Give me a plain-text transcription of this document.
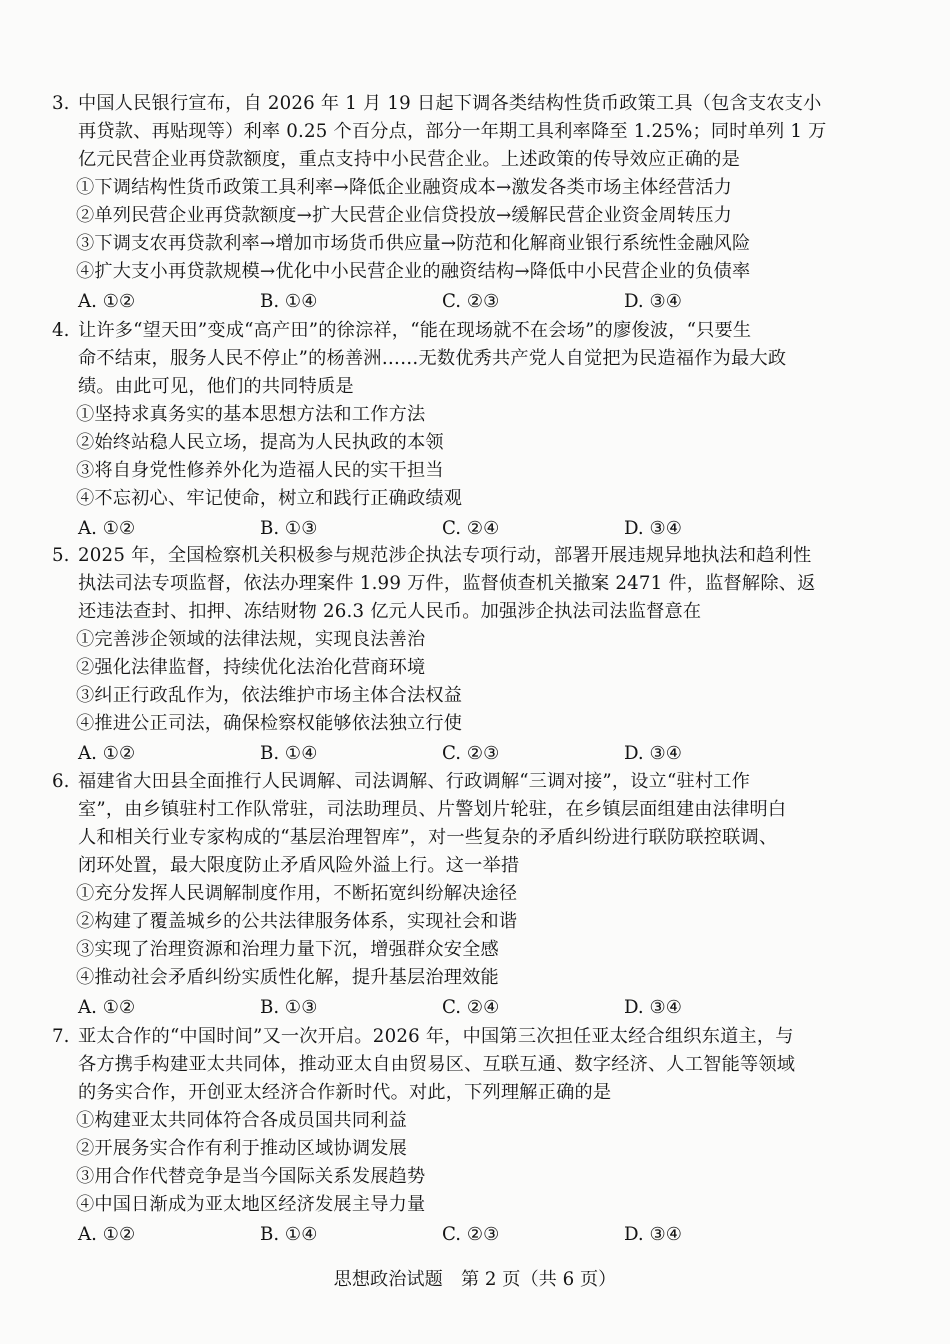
3. 中国人民银行宣布，自 2026 年 1 月 19 日起下调各类结构性货币政策工具（包含支农支小
再贷款、再贴现等）利率 0.25 个百分点，部分一年期工具利率降至 1.25%；同时单列 1 万
亿元民营企业再贷款额度，重点支持中小民营企业。上述政策的传导效应正确的是
①下调结构性货币政策工具利率→降低企业融资成本→激发各类市场主体经营活力
②单列民营企业再贷款额度→扩大民营企业信贷投放→缓解民营企业资金周转压力
③下调支农再贷款利率→增加市场货币供应量→防范和化解商业银行系统性金融风险
④扩大支小再贷款规模→优化中小民营企业的融资结构→降低中小民营企业的负债率
A. ①②	B. ①④	C. ②③	D. ③④
4. 让许多“望天田”变成“高产田”的徐淙祥，“能在现场就不在会场”的廖俊波，“只要生
命不结束，服务人民不停止”的杨善洲……无数优秀共产党人自觉把为民造福作为最大政
绩。由此可见，他们的共同特质是
①坚持求真务实的基本思想方法和工作方法
②始终站稳人民立场，提高为人民执政的本领
③将自身党性修养外化为造福人民的实干担当
④不忘初心、牢记使命，树立和践行正确政绩观
A. ①②	B. ①③	C. ②④	D. ③④
5. 2025 年，全国检察机关积极参与规范涉企执法专项行动，部署开展违规异地执法和趋利性
执法司法专项监督，依法办理案件 1.99 万件，监督侦查机关撤案 2471 件，监督解除、返
还违法查封、扣押、冻结财物 26.3 亿元人民币。加强涉企执法司法监督意在
①完善涉企领域的法律法规，实现良法善治
②强化法律监督，持续优化法治化营商环境
③纠正行政乱作为，依法维护市场主体合法权益
④推进公正司法，确保检察权能够依法独立行使
A. ①②	B. ①④	C. ②③	D. ③④
6. 福建省大田县全面推行人民调解、司法调解、行政调解“三调对接”，设立“驻村工作
室”，由乡镇驻村工作队常驻，司法助理员、片警划片轮驻，在乡镇层面组建由法律明白
人和相关行业专家构成的“基层治理智库”，对一些复杂的矛盾纠纷进行联防联控联调、
闭环处置，最大限度防止矛盾风险外溢上行。这一举措
①充分发挥人民调解制度作用，不断拓宽纠纷解决途径
②构建了覆盖城乡的公共法律服务体系，实现社会和谐
③实现了治理资源和治理力量下沉，增强群众安全感
④推动社会矛盾纠纷实质性化解，提升基层治理效能
A. ①②	B. ①③	C. ②④	D. ③④
7. 亚太合作的“中国时间”又一次开启。2026 年，中国第三次担任亚太经合组织东道主，与
各方携手构建亚太共同体，推动亚太自由贸易区、互联互通、数字经济、人工智能等领域
的务实合作，开创亚太经济合作新时代。对此，下列理解正确的是
①构建亚太共同体符合各成员国共同利益
②开展务实合作有利于推动区域协调发展
③用合作代替竞争是当今国际关系发展趋势
④中国日渐成为亚太地区经济发展主导力量
A. ①②	B. ①④	C. ②③	D. ③④
思想政治试题　第 2 页（共 6 页）
